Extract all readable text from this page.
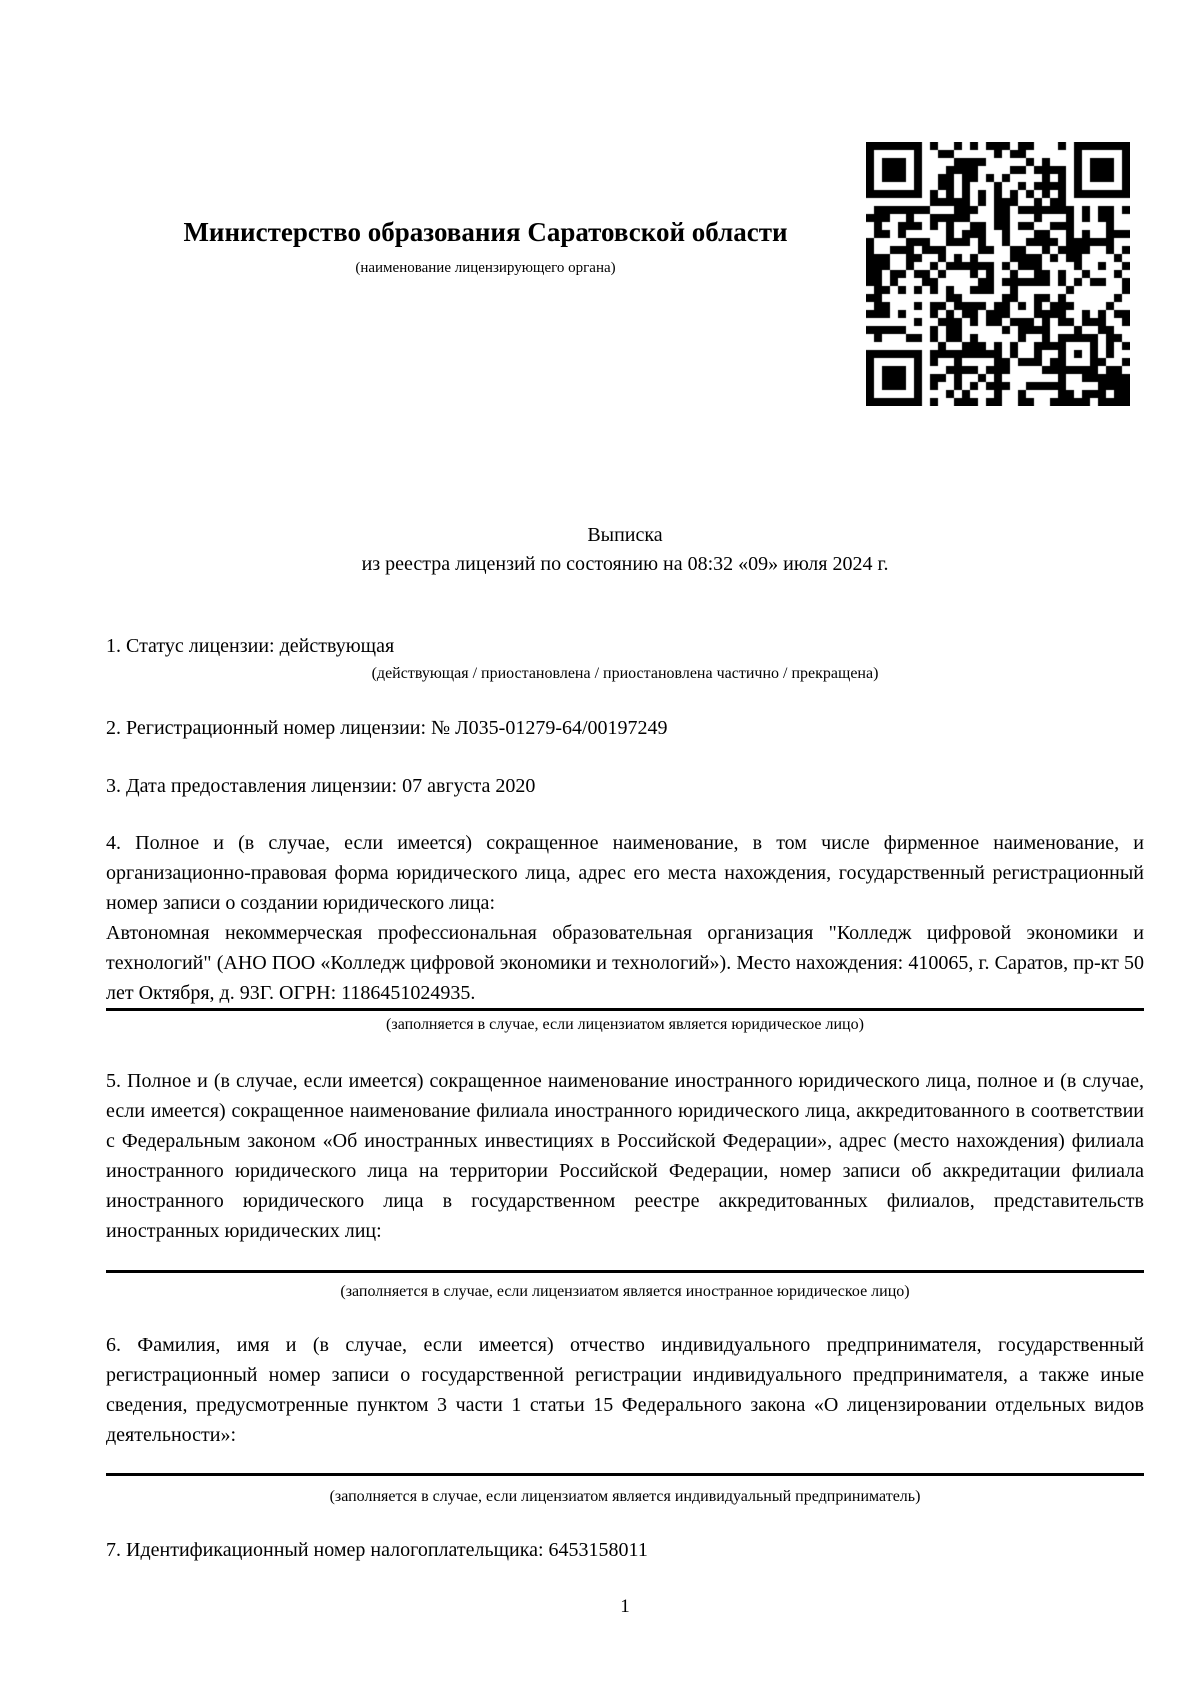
Министерство образования Саратовской области
(наименование лицензирующего органа)
Выписка
из реестра лицензий по состоянию на 08:32 «09» июля 2024 г.
1. Статус лицензии: действующая
(действующая / приостановлена / приостановлена частично / прекращена)
2. Регистрационный номер лицензии: № Л035-01279-64/00197249
3. Дата предоставления лицензии: 07 августа 2020

4. Полное и (в случае, если имеется) сокращенное наименование, в том числе фирменное наименование, и организационно-правовая форма юридического лица, адрес его места нахождения, государственный регистрационный номер записи о создании юридического лица:

Автономная некоммерческая профессиональная образовательная организация "Колледж цифровой экономики и технологий" (АНО ПОО «Колледж цифровой экономики и технологий»). Место нахождения: 410065, г. Саратов, пр-кт 50 лет Октября, д. 93Г. ОГРН: 1186451024935.

(заполняется в случае, если лицензиатом является юридическое лицо)

5. Полное и (в случае, если имеется) сокращенное наименование иностранного юридического лица, полное и (в случае, если имеется) сокращенное наименование филиала иностранного юридического лица, аккредитованного в соответствии с Федеральным законом «Об иностранных инвестициях в Российской Федерации», адрес (место нахождения) филиала иностранного юридического лица на территории Российской Федерации, номер записи об аккредитации филиала иностранного юридического лица в государственном реестре аккредитованных филиалов, представительств иностранных юридических лиц:

(заполняется в случае, если лицензиатом является иностранное юридическое лицо)

6. Фамилия, имя и (в случае, если имеется) отчество индивидуального предпринимателя, государственный регистрационный номер записи о государственной регистрации индивидуального предпринимателя, а также иные сведения, предусмотренные пунктом 3 части 1 статьи 15 Федерального закона «О лицензировании отдельных видов деятельности»:

(заполняется в случае, если лицензиатом является индивидуальный предприниматель)
7. Идентификационный номер налогоплательщика: 6453158011
1
